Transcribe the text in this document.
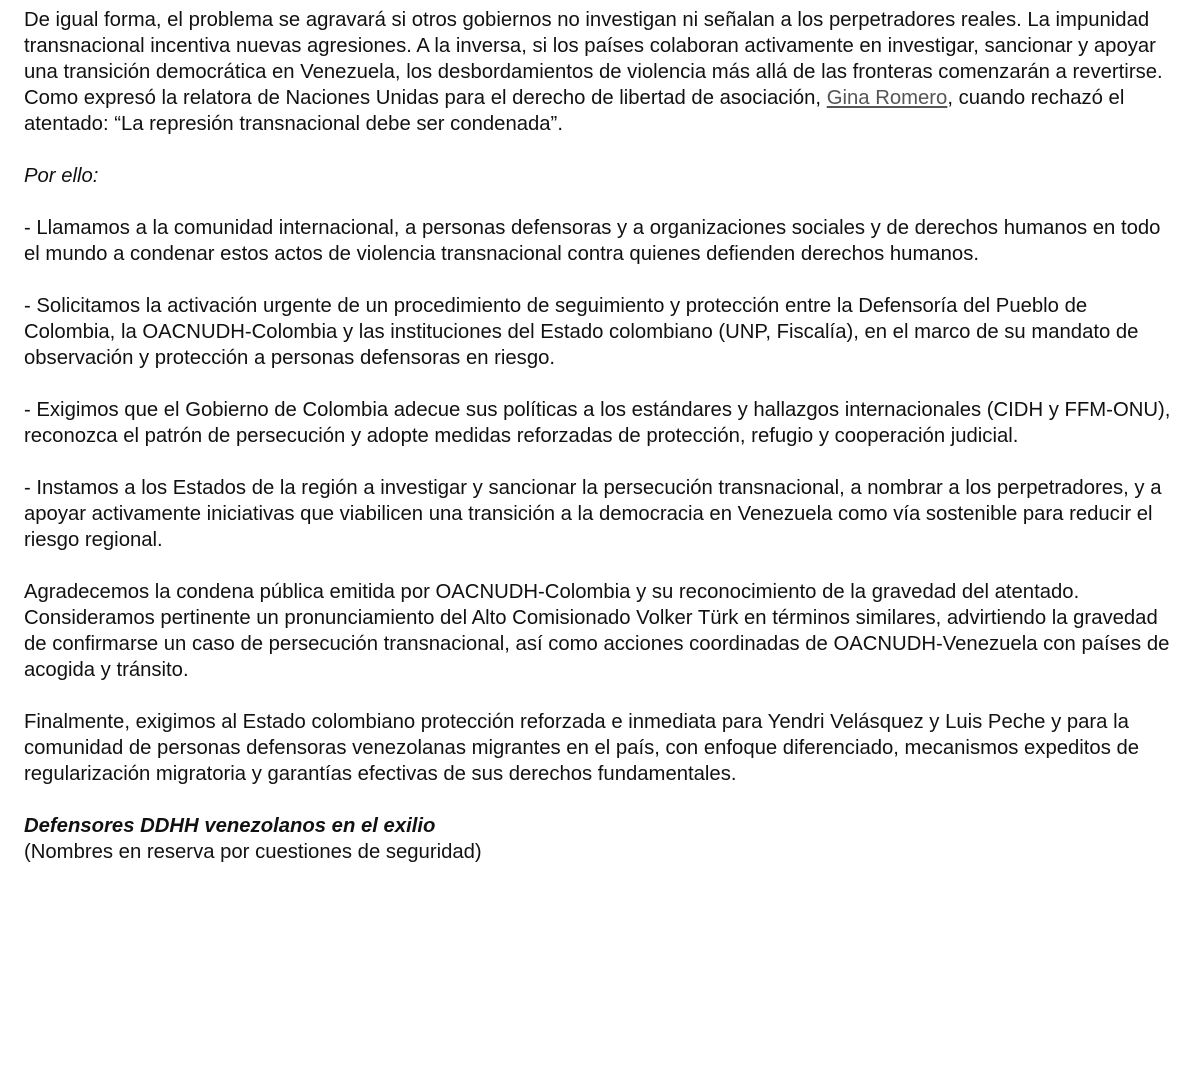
De igual forma, el problema se agravará si otros gobiernos no investigan ni señalan a los perpetradores reales. La impunidad transnacional incentiva nuevas agresiones. A la inversa, si los países colaboran activamente en investigar, sancionar y apoyar una transición democrática en Venezuela, los desbordamientos de violencia más allá de las fronteras comenzarán a revertirse. Como expresó la relatora de Naciones Unidas para el derecho de libertad de asociación, Gina Romero, cuando rechazó el atentado: “La represión transnacional debe ser condenada”.

Por ello:

- Llamamos a la comunidad internacional, a personas defensoras y a organizaciones sociales y de derechos humanos en todo el mundo a condenar estos actos de violencia transnacional contra quienes defienden derechos humanos.

- Solicitamos la activación urgente de un procedimiento de seguimiento y protección entre la Defensoría del Pueblo de Colombia, la OACNUDH-Colombia y las instituciones del Estado colombiano (UNP, Fiscalía), en el marco de su mandato de observación y protección a personas defensoras en riesgo.

- Exigimos que el Gobierno de Colombia adecue sus políticas a los estándares y hallazgos internacionales (CIDH y FFM-ONU), reconozca el patrón de persecución y adopte medidas reforzadas de protección, refugio y cooperación judicial.

- Instamos a los Estados de la región a investigar y sancionar la persecución transnacional, a nombrar a los perpetradores, y a apoyar activamente iniciativas que viabilicen una transición a la democracia en Venezuela como vía sostenible para reducir el riesgo regional.

Agradecemos la condena pública emitida por OACNUDH-Colombia y su reconocimiento de la gravedad del atentado. Consideramos pertinente un pronunciamiento del Alto Comisionado Volker Türk en términos similares, advirtiendo la gravedad de confirmarse un caso de persecución transnacional, así como acciones coordinadas de OACNUDH-Venezuela con países de acogida y tránsito.

Finalmente, exigimos al Estado colombiano protección reforzada e inmediata para Yendri Velásquez y Luis Peche y para la comunidad de personas defensoras venezolanas migrantes en el país, con enfoque diferenciado, mecanismos expeditos de regularización migratoria y garantías efectivas de sus derechos fundamentales.

Defensores DDHH venezolanos en el exilio
(Nombres en reserva por cuestiones de seguridad)
